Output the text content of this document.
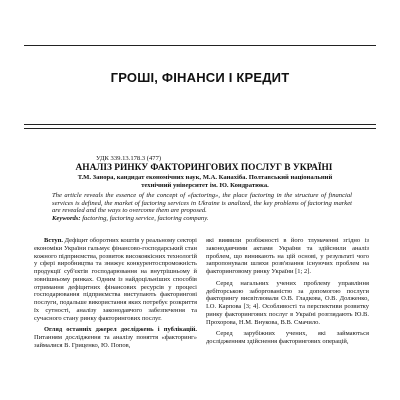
ГРОШІ, ФІНАНСИ І КРЕДИТ
УДК 339.13.178.3 (477)
АНАЛІЗ РИНКУ ФАКТОРИНГОВИХ ПОСЛУГ В УКРАЇНІ
Т.М. Занора, кандидат економічних наук, М.А. Канахіба. Полтавський національний
технічний університет ім. Ю. Кондратюка.
The article reveals the essence of the concept of «factoring», the place factoring in the structure of financial services is defined, the market of factoring services in Ukraine is analized, the key problems of factoring market are revealed and the ways to overcome them are proposed.
Keywords: factoring, factoring service, factoring company.

Вступ. Дефіцит оборотних коштів у реальному секторі економіки України гальмує фінансово-господарський стан кожного підприємства, розвиток високоякісних технологій у сфері виробництва та знижує конкурентоспроможність продукції суб'єктів господарювання на внутрішньому й зовнішньому ринках. Одним із найдоцільніших способів отримання дефіцитних фінансових ресурсів у процесі господарювання підприємства виступають факторингові послуги, подальше використання яких потребує розкриття їх сутності, аналізу законодавчого забезпечення та сучасного стану ринку факторингових послуг.

Огляд останніх джерел досліджень і публікацій. Питанням дослідження та аналізу поняття «факторинг» займалися В. Гриценко, Ю. Попов,

які виявили розбіжності в його тлумаченні згідно із законодавчими актами України та здійснили аналіз проблем, що виникають на цій основі, у результаті чого запропонували шляхи розв'язання існуючих проблем на факторинговому ринку України [1; 2].

Серед нагальних учених проблему управління дебіторською заборгованістю за допомогою послуги факторингу висвітлювали О.В. Гладкова, О.В. Долженко, І.О. Карпова [3; 4]. Особливості та перспективи розвитку ринку факторингових послуг в Україні розглядають Ю.В. Прохорова, Н.М. Внукова, В.В. Смачило.

Серед зарубіжних учених, які займаються дослідженням здійснення факторингових операцій,
